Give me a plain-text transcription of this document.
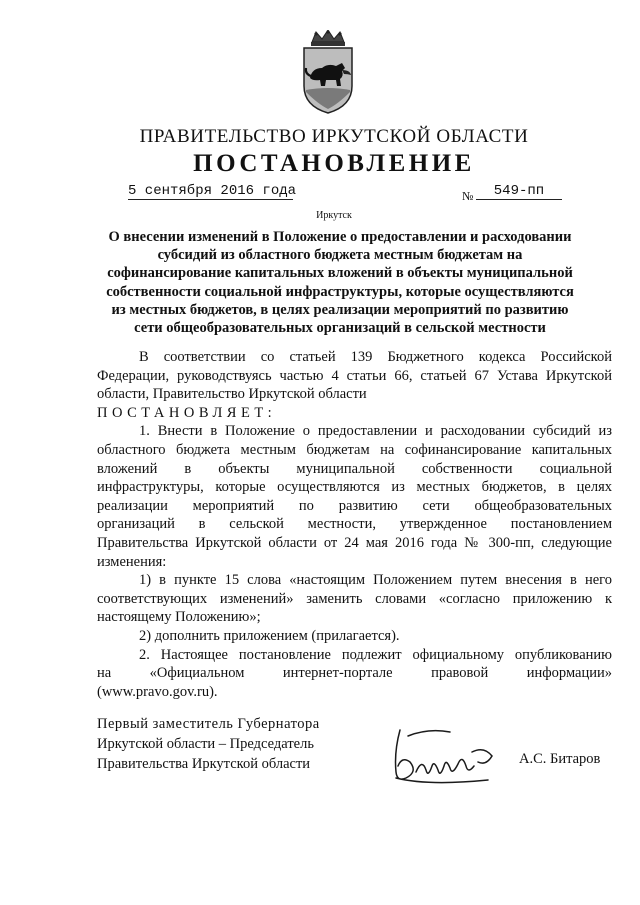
ПРАВИТЕЛЬСТВО ИРКУТСКОЙ ОБЛАСТИ
ПОСТАНОВЛЕНИЕ
5 сентября 2016 года	№	549-пп
Иркутск
О внесении изменений в Положение о предоставлении и расходовании
субсидий из областного бюджета местным бюджетам на
софинансирование капитальных вложений в объекты муниципальной
собственности социальной инфраструктуры, которые осуществляются
из местных бюджетов, в целях реализации мероприятий по развитию
сети общеобразовательных организаций в сельской местности
В соответствии со статьей 139 Бюджетного кодекса Российской
Федерации, руководствуясь частью 4 статьи 66, статьей 67 Устава Иркутской
области, Правительство Иркутской области

ПОСТАНОВЛЯЕТ:

1. Внести в Положение о предоставлении и расходовании субсидий из
областного бюджета местным бюджетам на софинансирование капитальных
вложений в объекты муниципальной собственности социальной
инфраструктуры, которые осуществляются из местных бюджетов, в целях
реализации мероприятий по развитию сети общеобразовательных
организаций в сельской местности, утвержденное постановлением
Правительства Иркутской области от 24 мая 2016 года № 300-пп, следующие
изменения:
1) в пункте 15 слова «настоящим Положением путем внесения в него
соответствующих изменений» заменить словами «согласно приложению к
настоящему Положению»;
2) дополнить приложением (прилагается).
2. Настоящее постановление подлежит официальному опубликованию
на «Официальном интернет-портале правовой информации»
(www.pravo.gov.ru).
Первый заместитель Губернатора
Иркутской области – Председатель
Правительства Иркутской области	А.С. Битаров
